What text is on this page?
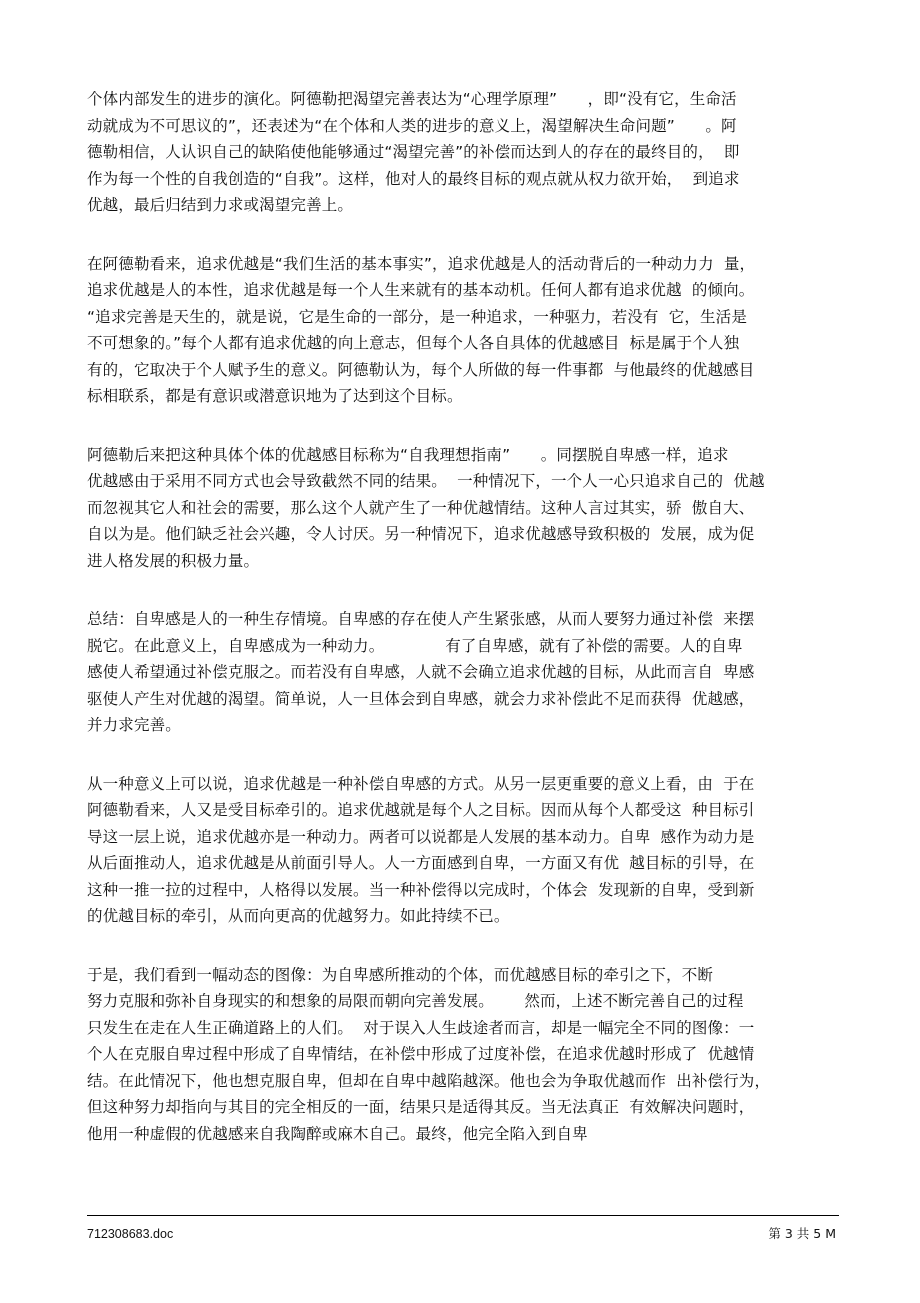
个体内部发生的进步的演化。阿德勒把渴望完善表达为“心理学原理”      ，即“没有它，生命活
动就成为不可思议的”，还表述为“在个体和人类的进步的意义上，渴望解决生命问题”      。阿
德勒相信，人认识自己的缺陷使他能够通过“渴望完善”的补偿而达到人的存在的最终目的，  即
作为每一个性的自我创造的“自我”。这样，他对人的最终目标的观点就从权力欲开始，  到追求
优越，最后归结到力求或渴望完善上。
在阿德勒看来，追求优越是“我们生活的基本事实”，追求优越是人的活动背后的一种动力力  量，
追求优越是人的本性，追求优越是每一个人生来就有的基本动机。任何人都有追求优越  的倾向。
“追求完善是天生的，就是说，它是生命的一部分，是一种追求，一种驱力，若没有  它，生活是
不可想象的。”每个人都有追求优越的向上意志，但每个人各自具体的优越感目  标是属于个人独
有的，它取决于个人赋予生的意义。阿德勒认为，每个人所做的每一件事都  与他最终的优越感目
标相联系，都是有意识或潜意识地为了达到这个目标。
阿德勒后来把这种具体个体的优越感目标称为“自我理想指南”      。同摆脱自卑感一样，追求
优越感由于采用不同方式也会导致截然不同的结果。  一种情况下，一个人一心只追求自己的  优越
而忽视其它人和社会的需要，那么这个人就产生了一种优越情结。这种人言过其实，骄  傲自大、
自以为是。他们缺乏社会兴趣，令人讨厌。另一种情况下，追求优越感导致积极的  发展，成为促
进人格发展的积极力量。
总结：自卑感是人的一种生存情境。自卑感的存在使人产生紧张感，从而人要努力通过补偿  来摆
脱它。在此意义上，自卑感成为一种动力。            有了自卑感，就有了补偿的需要。人的自卑
感使人希望通过补偿克服之。而若没有自卑感，人就不会确立追求优越的目标，从此而言自  卑感
驱使人产生对优越的渴望。简单说，人一旦体会到自卑感，就会力求补偿此不足而获得  优越感，
并力求完善。
从一种意义上可以说，追求优越是一种补偿自卑感的方式。从另一层更重要的意义上看，由  于在
阿德勒看来，人又是受目标牵引的。追求优越就是每个人之目标。因而从每个人都受这  种目标引
导这一层上说，追求优越亦是一种动力。两者可以说都是人发展的基本动力。自卑  感作为动力是
从后面推动人，追求优越是从前面引导人。人一方面感到自卑，一方面又有优  越目标的引导，在
这种一推一拉的过程中，人格得以发展。当一种补偿得以完成时，个体会  发现新的自卑，受到新
的优越目标的牵引，从而向更高的优越努力。如此持续不已。
于是，我们看到一幅动态的图像：为自卑感所推动的个体，而优越感目标的牵引之下，不断
努力克服和弥补自身现实的和想象的局限而朝向完善发展。      然而，上述不断完善自己的过程
只发生在走在人生正确道路上的人们。  对于误入人生歧途者而言，却是一幅完全不同的图像：一
个人在克服自卑过程中形成了自卑情结，在补偿中形成了过度补偿，在追求优越时形成了  优越情
结。在此情况下，他也想克服自卑，但却在自卑中越陷越深。他也会为争取优越而作  出补偿行为，
但这种努力却指向与其目的完全相反的一面，结果只是适得其反。当无法真正  有效解决问题时，
他用一种虚假的优越感来自我陶醉或麻木自己。最终，他完全陷入到自卑
712308683.doc	第 3 共 5 M
